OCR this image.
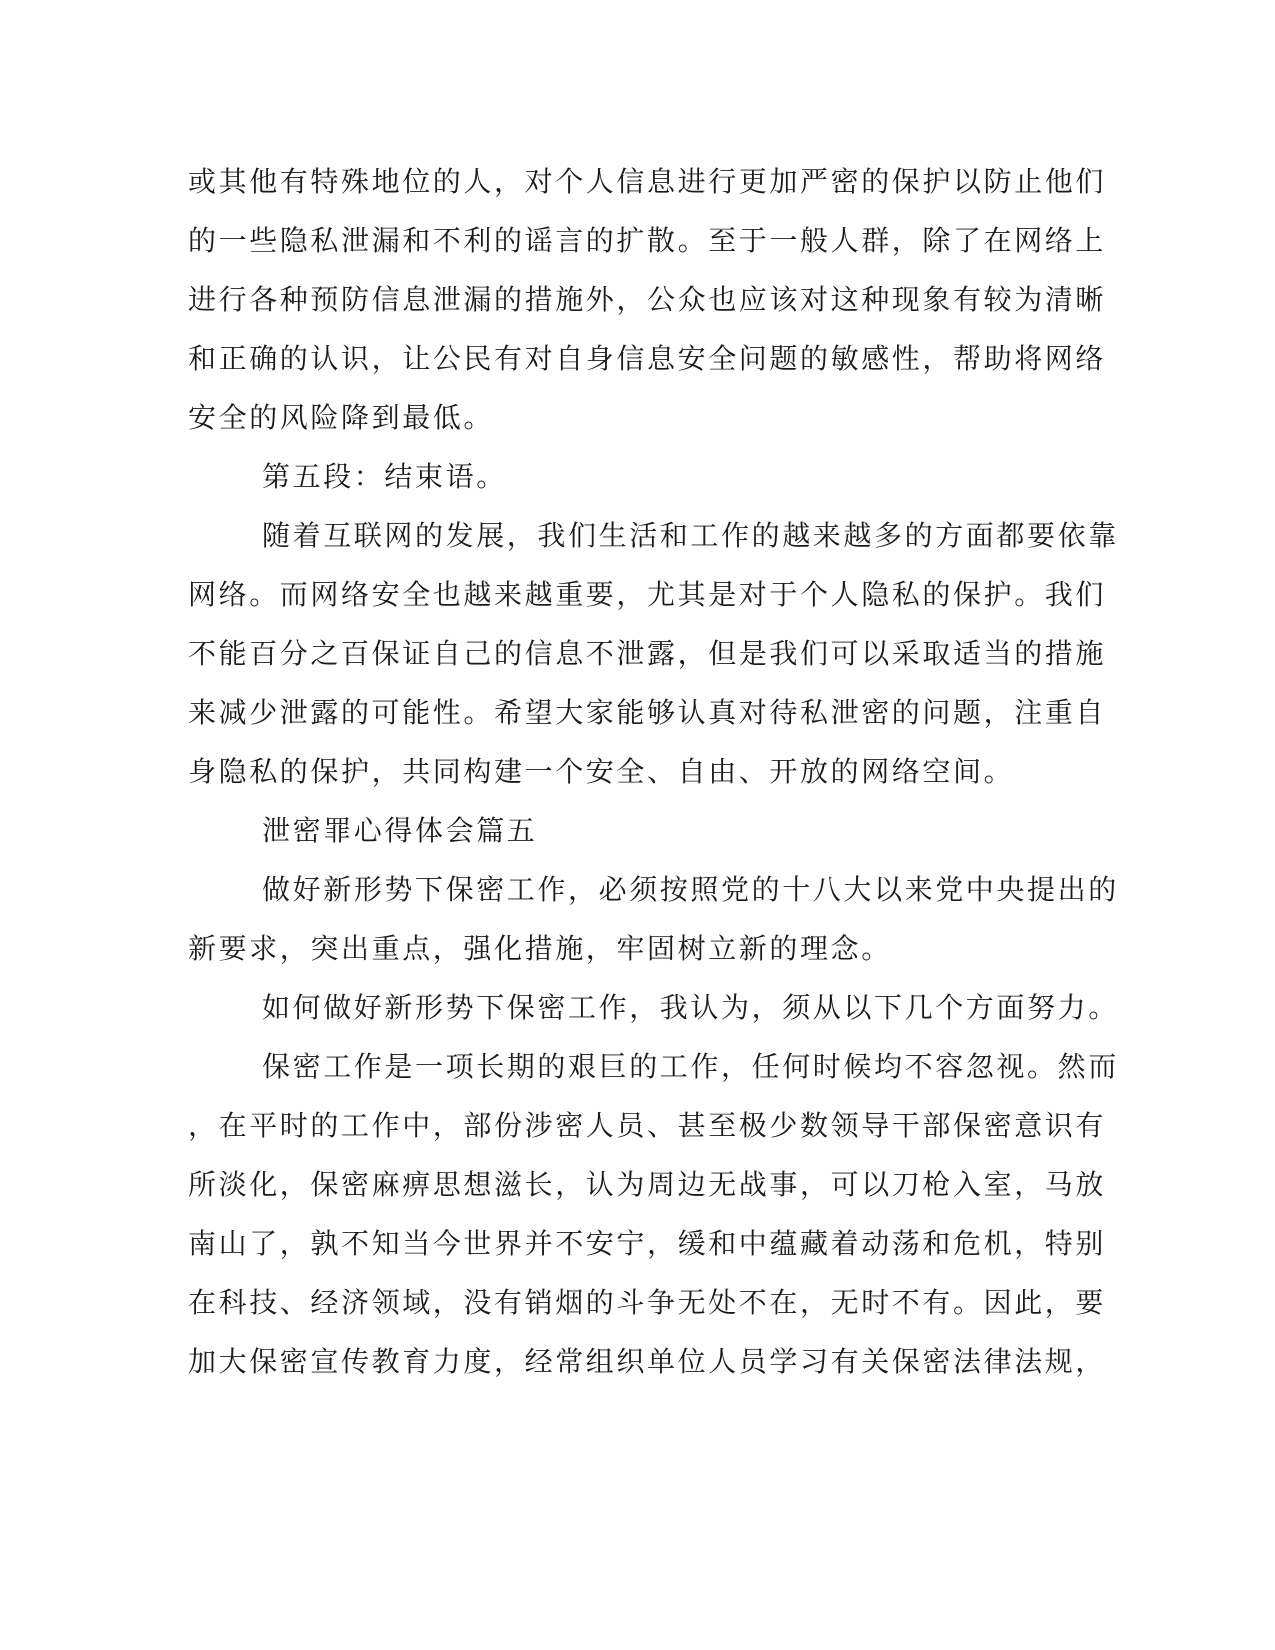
或其他有特殊地位的人，对个人信息进行更加严密的保护以防止他们
的一些隐私泄漏和不利的谣言的扩散。至于一般人群，除了在网络上
进行各种预防信息泄漏的措施外，公众也应该对这种现象有较为清晰
和正确的认识，让公民有对自身信息安全问题的敏感性，帮助将网络
安全的风险降到最低。
第五段：结束语。
随着互联网的发展，我们生活和工作的越来越多的方面都要依靠
网络。而网络安全也越来越重要，尤其是对于个人隐私的保护。我们
不能百分之百保证自己的信息不泄露，但是我们可以采取适当的措施
来减少泄露的可能性。希望大家能够认真对待私泄密的问题，注重自
身隐私的保护，共同构建一个安全、自由、开放的网络空间。
泄密罪心得体会篇五
做好新形势下保密工作，必须按照党的十八大以来党中央提出的
新要求，突出重点，强化措施，牢固树立新的理念。
如何做好新形势下保密工作，我认为，须从以下几个方面努力。
保密工作是一项长期的艰巨的工作，任何时候均不容忽视。然而
，在平时的工作中，部份涉密人员、甚至极少数领导干部保密意识有
所淡化，保密麻痹思想滋长，认为周边无战事，可以刀枪入室，马放
南山了，孰不知当今世界并不安宁，缓和中蕴藏着动荡和危机，特别
在科技、经济领域，没有销烟的斗争无处不在，无时不有。因此，要
加大保密宣传教育力度，经常组织单位人员学习有关保密法律法规，
